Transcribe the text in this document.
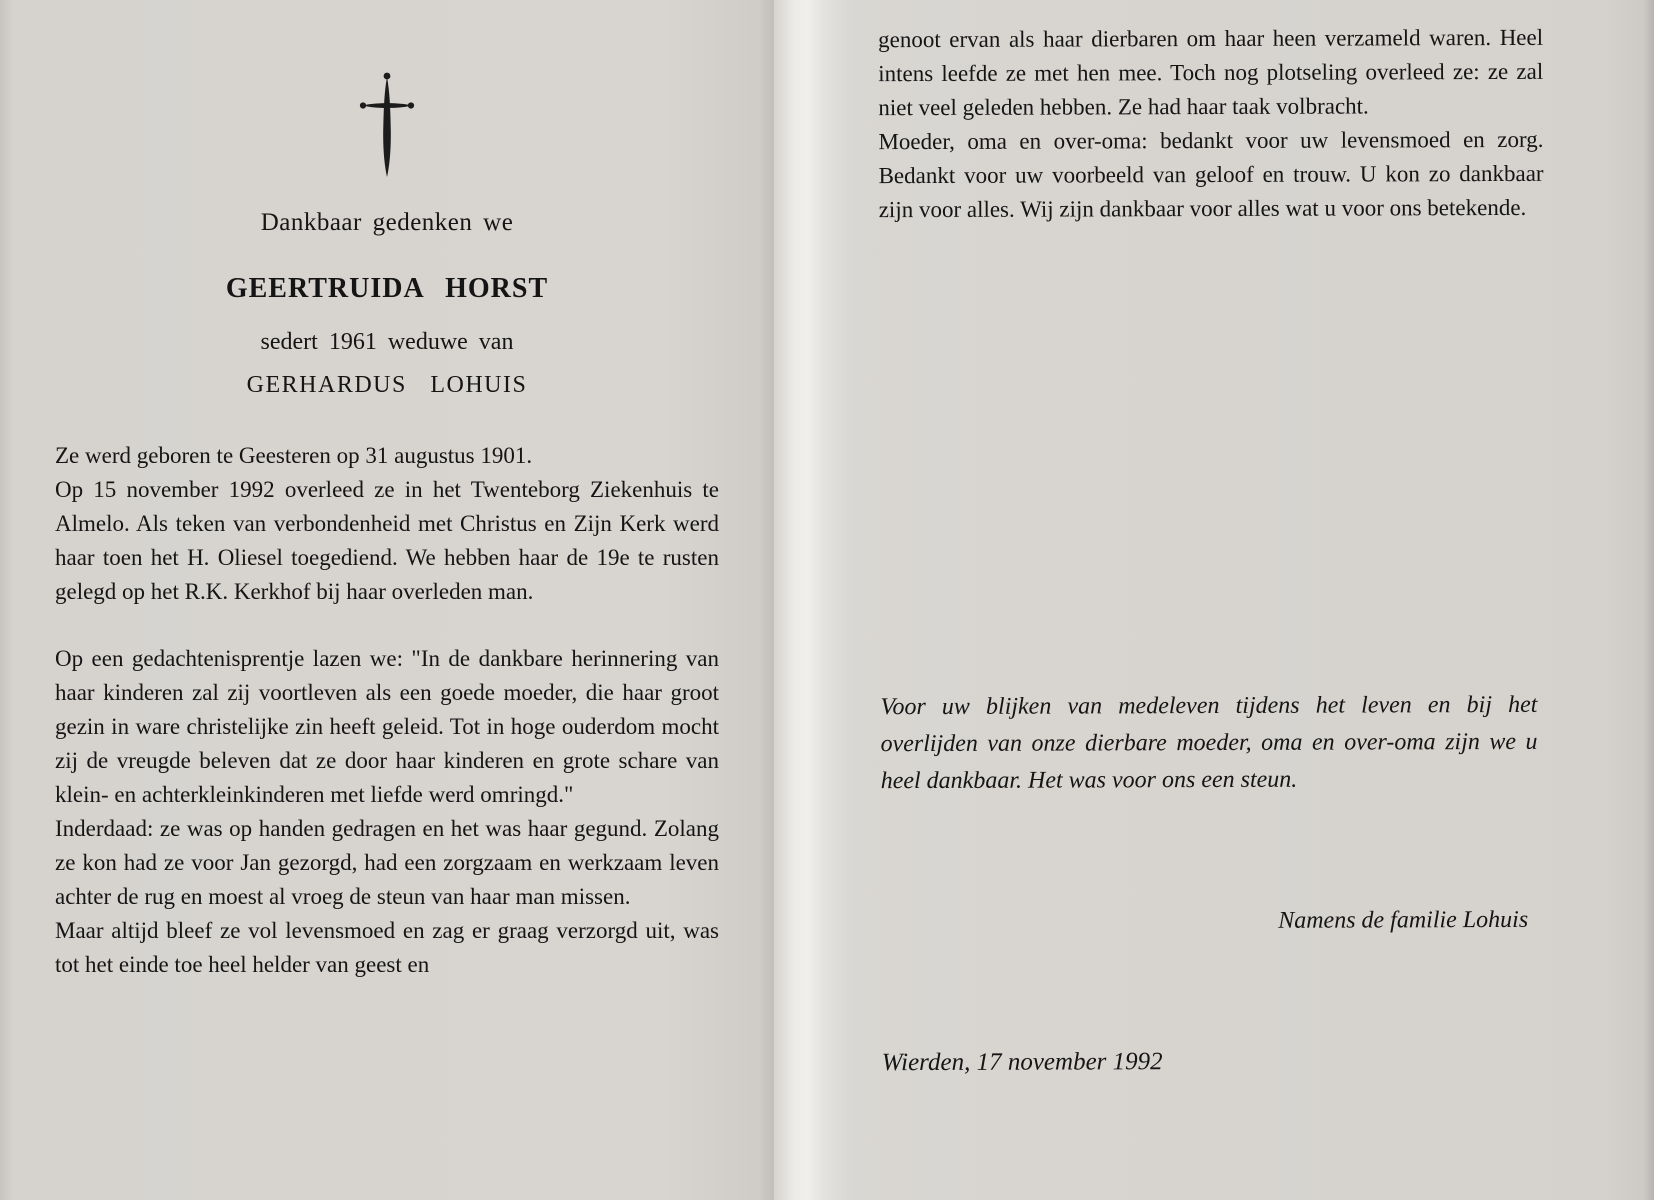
Dankbaar gedenken we
GEERTRUIDA HORST
sedert 1961 weduwe van
GERHARDUS LOHUIS

Ze werd geboren te Geesteren op 31 augustus 1901.

Op 15 november 1992 overleed ze in het Twenteborg Ziekenhuis te Almelo. Als teken van verbondenheid met Christus en Zijn Kerk werd haar toen het H. Oliesel toegediend. We hebben haar de 19e te rusten gelegd op het R.K. Kerkhof bij haar overleden man.

Op een gedachtenisprentje lazen we: "In de dankbare herinnering van haar kinderen zal zij voortleven als een goede moeder, die haar groot gezin in ware christelijke zin heeft geleid. Tot in hoge ouderdom mocht zij de vreugde beleven dat ze door haar kinderen en grote schare van klein- en achterkleinkinderen met liefde werd omringd."

Inderdaad: ze was op handen gedragen en het was haar gegund. Zolang ze kon had ze voor Jan gezorgd, had een zorgzaam en werkzaam leven achter de rug en moest al vroeg de steun van haar man missen.

Maar altijd bleef ze vol levensmoed en zag er graag verzorgd uit, was tot het einde toe heel helder van geest en

genoot ervan als haar dierbaren om haar heen verzameld waren. Heel intens leefde ze met hen mee. Toch nog plotseling overleed ze: ze zal niet veel geleden hebben. Ze had haar taak volbracht.

Moeder, oma en over-oma: bedankt voor uw levensmoed en zorg. Bedankt voor uw voorbeeld van geloof en trouw. U kon zo dankbaar zijn voor alles. Wij zijn dankbaar voor alles wat u voor ons betekende.

Voor uw blijken van medeleven tijdens het leven en bij het overlijden van onze dierbare moeder, oma en over-oma zijn we u heel dankbaar. Het was voor ons een steun.
Namens de familie Lohuis
Wierden, 17 november 1992
